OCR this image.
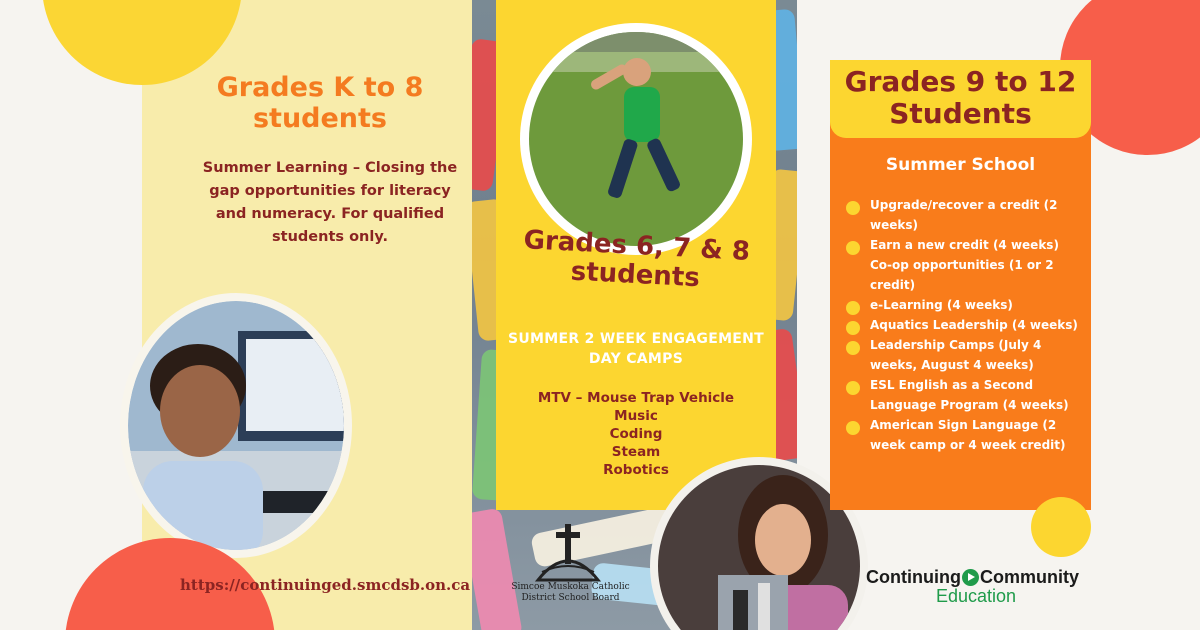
Grades K to 8 students
Summer Learning – Closing the gap opportunities for literacy and numeracy. For qualified students only.
https://continuinged.smcdsb.on.ca
Grades 6, 7 & 8 students
SUMMER 2 WEEK ENGAGEMENT DAY CAMPS
MTV – Mouse Trap Vehicle
Music
Coding
Steam
Robotics
Simcoe Muskoka Catholic District School Board
Grades 9 to 12 Students
Summer School
Upgrade/recover a credit (2 weeks)
Earn a new credit (4 weeks)
Co-op opportunities (1 or 2 credit)
e-Learning (4 weeks)
Aquatics Leadership (4 weeks)
Leadership Camps (July 4 weeks, August 4 weeks)
ESL English as a Second Language Program (4 weeks)
American Sign Language (2 week camp or 4 week credit)
Continuing Community
Education
